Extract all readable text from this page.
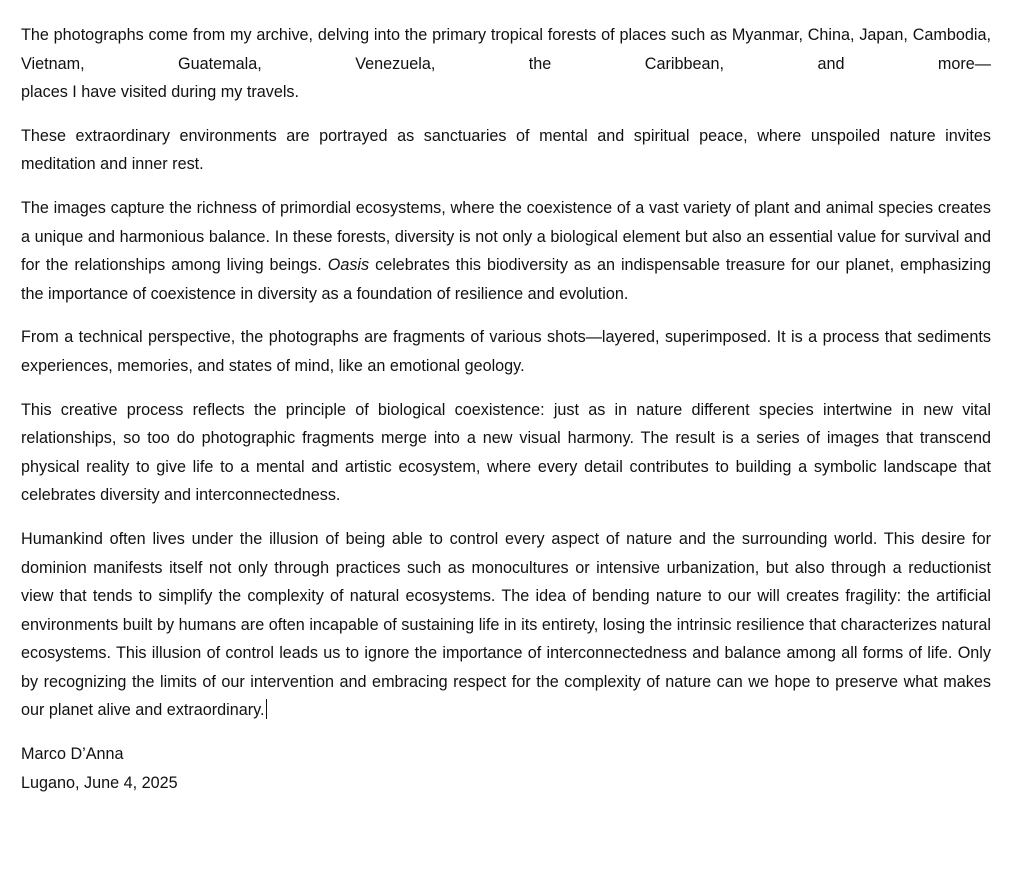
The photographs come from my archive, delving into the primary tropical forests of places such as Myanmar, China, Japan, Cambodia, Vietnam, Guatemala, Venezuela, the Caribbean, and more—

places I have visited during my travels.

These extraordinary environments are portrayed as sanctuaries of mental and spiritual peace, where unspoiled nature invites meditation and inner rest.

The images capture the richness of primordial ecosystems, where the coexistence of a vast variety of plant and animal species creates a unique and harmonious balance. In these forests, diversity is not only a biological element but also an essential value for survival and for the relationships among living beings. Oasis celebrates this biodiversity as an indispensable treasure for our planet, emphasizing the importance of coexistence in diversity as a foundation of resilience and evolution.

From a technical perspective, the photographs are fragments of various shots—layered, superimposed. It is a process that sediments experiences, memories, and states of mind, like an emotional geology.

This creative process reflects the principle of biological coexistence: just as in nature different species intertwine in new vital relationships, so too do photographic fragments merge into a new visual harmony. The result is a series of images that transcend physical reality to give life to a mental and artistic ecosystem, where every detail contributes to building a symbolic landscape that celebrates diversity and interconnectedness.

Humankind often lives under the illusion of being able to control every aspect of nature and the surrounding world. This desire for dominion manifests itself not only through practices such as monocultures or intensive urbanization, but also through a reductionist view that tends to simplify the complexity of natural ecosystems. The idea of bending nature to our will creates fragility: the artificial environments built by humans are often incapable of sustaining life in its entirety, losing the intrinsic resilience that characterizes natural ecosystems. This illusion of control leads us to ignore the importance of interconnectedness and balance among all forms of life. Only by recognizing the limits of our intervention and embracing respect for the complexity of nature can we hope to preserve what makes our planet alive and extraordinary.

Marco D’Anna
Lugano, June 4, 2025
